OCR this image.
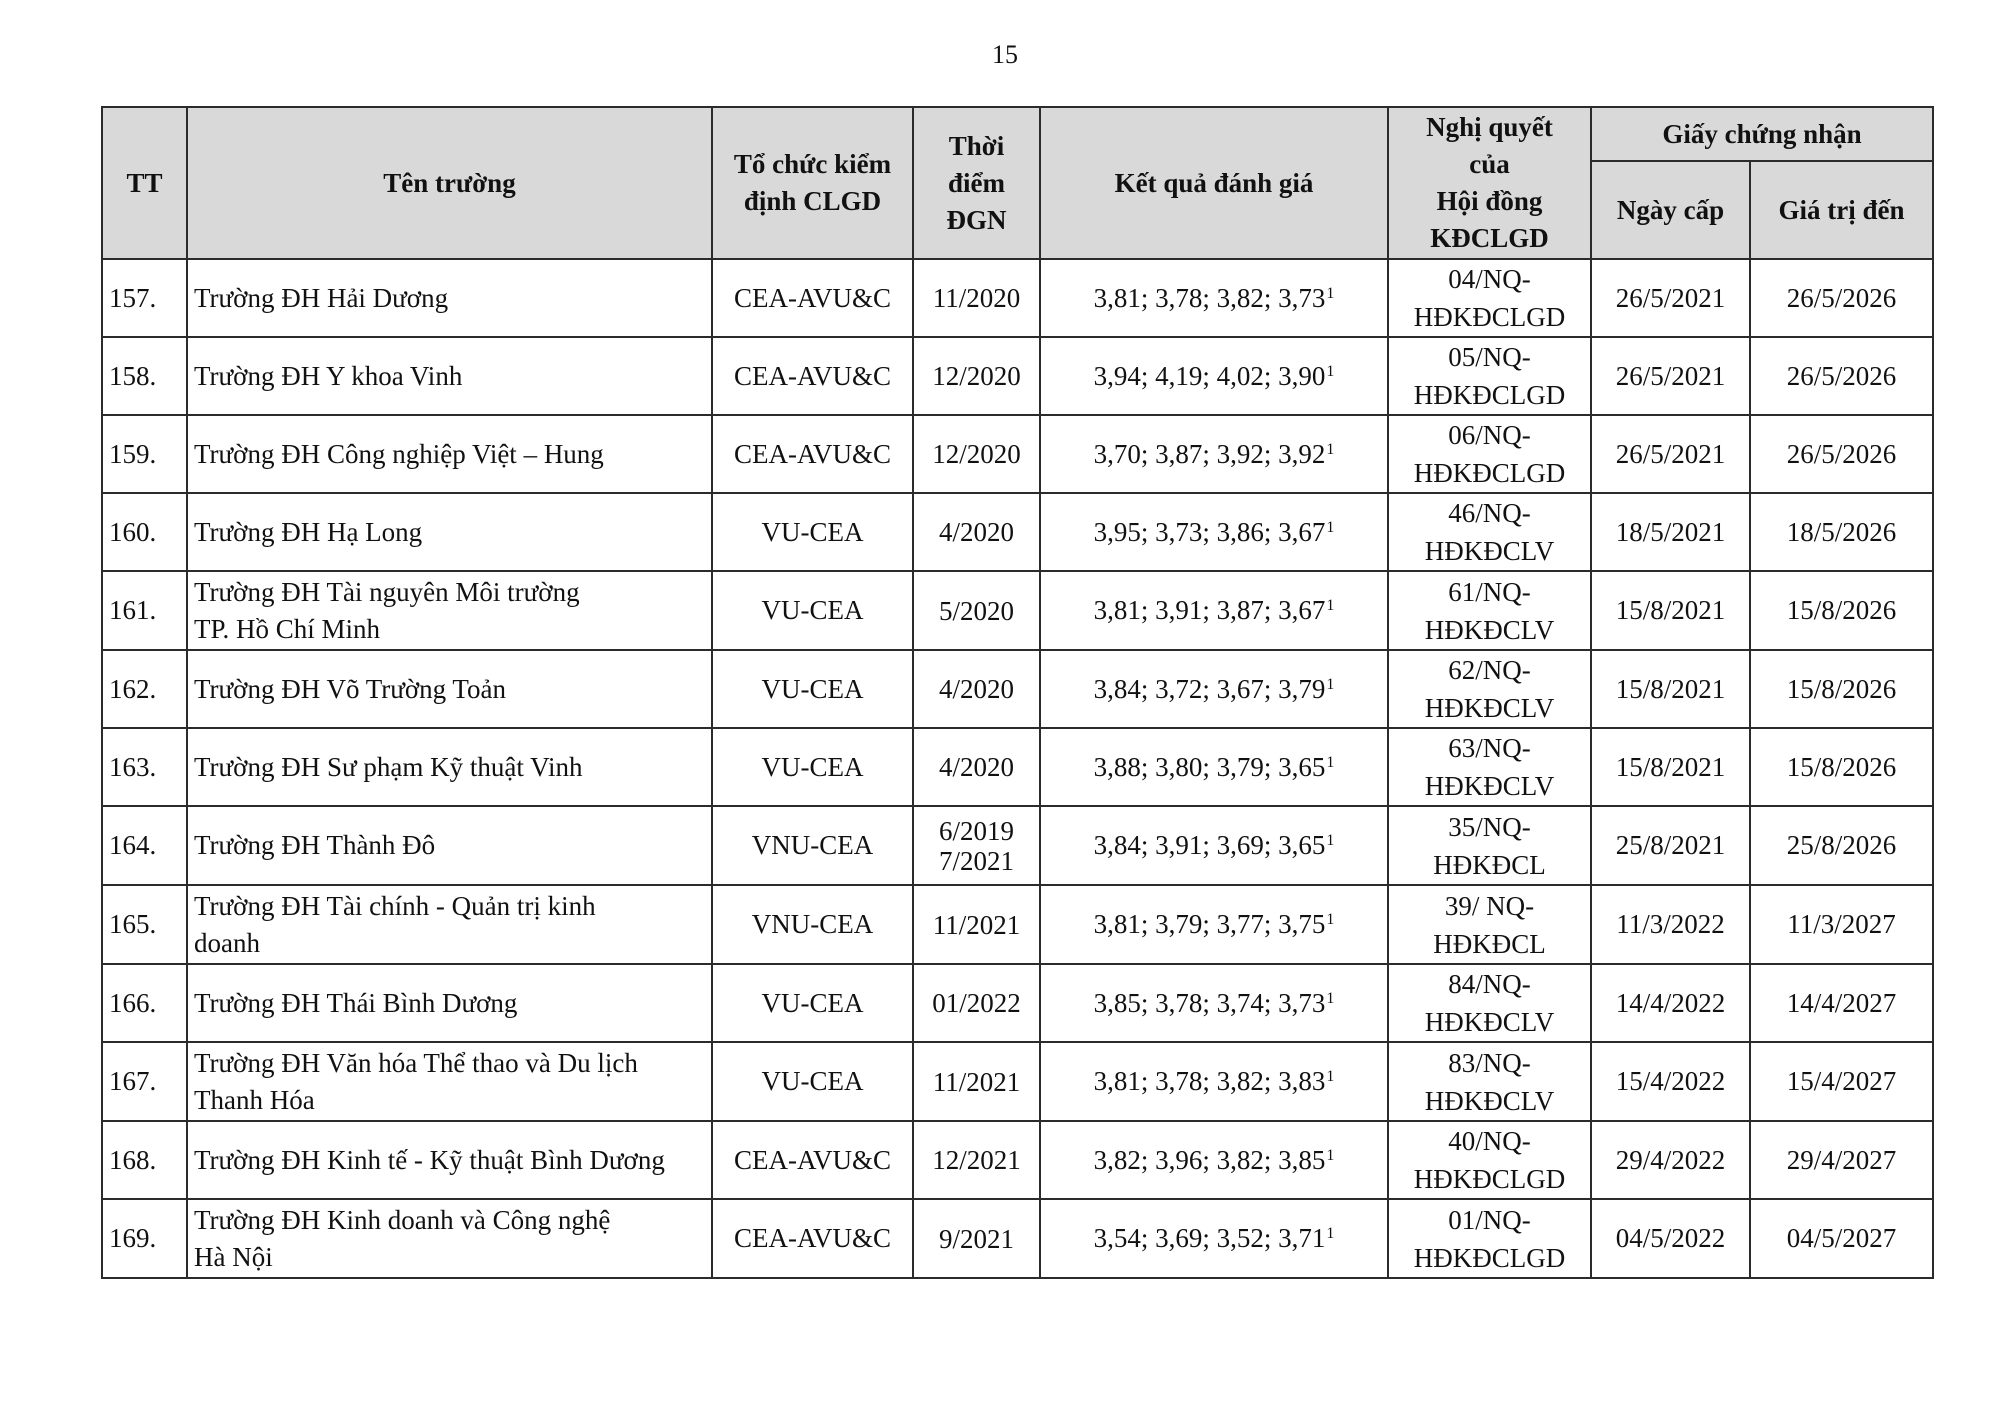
15
TT	Tên trường	Tổ chức kiểm
định CLGD	Thời
điểm
ĐGN	Kết quả đánh giá	Nghị quyết
của
Hội đồng
KĐCLGD	Giấy chứng nhận	
						Ngày cấp	Giá trị đến
157.	Trường ĐH Hải Dương	CEA-AVU&C	11/2020	3,81; 3,78; 3,82; 3,73$^1$	04/NQ-
HĐKĐCLGD	26/5/2021	26/5/2026
158.	Trường ĐH Y khoa Vinh	CEA-AVU&C	12/2020	3,94; 4,19; 4,02; 3,90$^1$	05/NQ-
HĐKĐCLGD	26/5/2021	26/5/2026
159.	Trường ĐH Công nghiệp Việt – Hung	CEA-AVU&C	12/2020	3,70; 3,87; 3,92; 3,92$^1$	06/NQ-
HĐKĐCLGD	26/5/2021	26/5/2026
160.	Trường ĐH Hạ Long	VU-CEA	4/2020	3,95; 3,73; 3,86; 3,67$^1$	46/NQ-
HĐKĐCLV	18/5/2021	18/5/2026
161.	Trường ĐH Tài nguyên Môi trường
TP. Hồ Chí Minh	VU-CEA	5/2020	3,81; 3,91; 3,87; 3,67$^1$	61/NQ-
HĐKĐCLV	15/8/2021	15/8/2026
162.	Trường ĐH Võ Trường Toản	VU-CEA	4/2020	3,84; 3,72; 3,67; 3,79$^1$	62/NQ-
HĐKĐCLV	15/8/2021	15/8/2026
163.	Trường ĐH Sư phạm Kỹ thuật Vinh	VU-CEA	4/2020	3,88; 3,80; 3,79; 3,65$^1$	63/NQ-
HĐKĐCLV	15/8/2021	15/8/2026
164.	Trường ĐH Thành Đô	VNU-CEA	6/2019
7/2021	3,84; 3,91; 3,69; 3,65$^1$	35/NQ-
HĐKĐCL	25/8/2021	25/8/2026
165.	Trường ĐH Tài chính - Quản trị kinh
doanh	VNU-CEA	11/2021	3,81; 3,79; 3,77; 3,75$^1$	39/ NQ-
HĐKĐCL	11/3/2022	11/3/2027
166.	Trường ĐH Thái Bình Dương	VU-CEA	01/2022	3,85; 3,78; 3,74; 3,73$^1$	84/NQ-
HĐKĐCLV	14/4/2022	14/4/2027
167.	Trường ĐH Văn hóa Thể thao và Du lịch
Thanh Hóa	VU-CEA	11/2021	3,81; 3,78; 3,82; 3,83$^1$	83/NQ-
HĐKĐCLV	15/4/2022	15/4/2027
168.	Trường ĐH Kinh tế - Kỹ thuật Bình Dương	CEA-AVU&C	12/2021	3,82; 3,96; 3,82; 3,85$^1$	40/NQ-
HĐKĐCLGD	29/4/2022	29/4/2027
169.	Trường ĐH Kinh doanh và Công nghệ
Hà Nội	CEA-AVU&C	9/2021	3,54; 3,69; 3,52; 3,71$^1$	01/NQ-
HĐKĐCLGD	04/5/2022	04/5/2027
